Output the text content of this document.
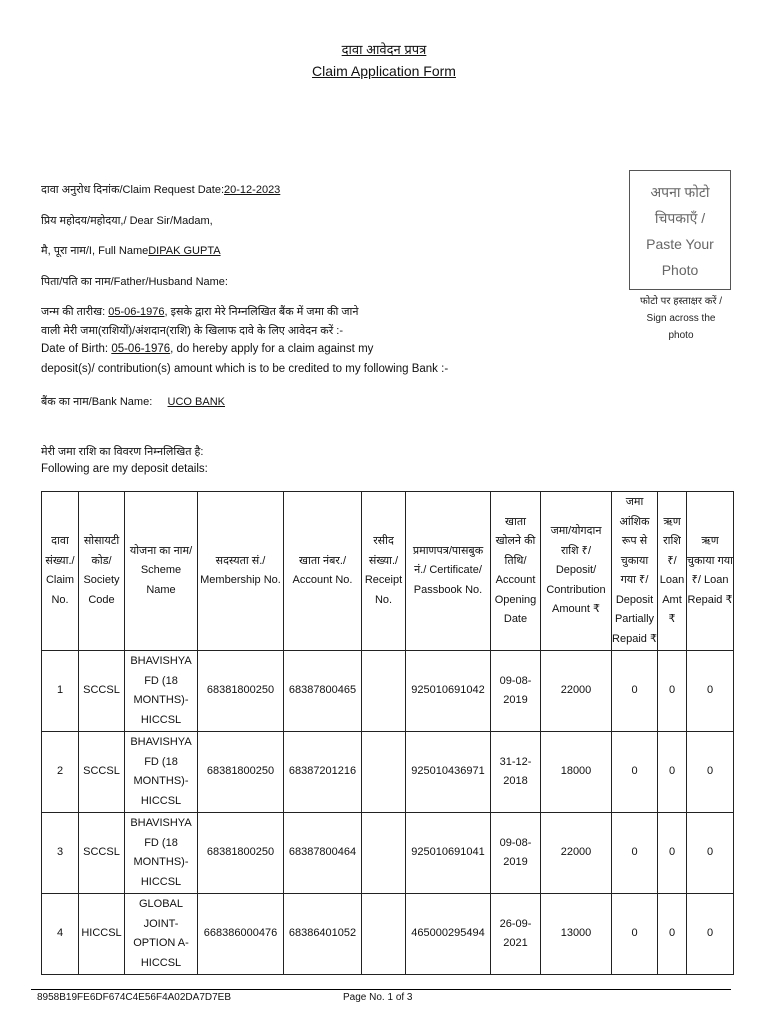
दावा आवेदन प्रपत्र
Claim Application Form
अपना फोटो
चिपकाएँ /
Paste Your
Photo
फोटो पर हस्ताक्षर करें /
Sign across the
photo
दावा अनुरोध दिनांक/Claim Request Date:20-12-2023
प्रिय महोदय/महोदया,/ Dear Sir/Madam,
मै, पूरा नाम/I, Full NameDIPAK GUPTA
पिता/पति का नाम/Father/Husband Name:
जन्म की तारीख: 05-06-1976, इसके द्वारा मेरे निम्नलिखित बैंक में जमा की जाने
वाली मेरी जमा(राशियों)/अंशदान(राशि) के खिलाफ दावे के लिए आवेदन करें :-
Date of Birth: 05-06-1976, do hereby apply for a claim against my
deposit(s)/ contribution(s) amount which is to be credited to my following Bank :-
बैंक का नाम/Bank Name: UCO BANK
मेरी जमा राशि का विवरण निम्नलिखित है:
Following are my deposit details:
दावा संख्या./ Claim No.	सोसायटी कोड/ Society Code	योजना का नाम/ Scheme Name	सदस्यता सं./ Membership No.	खाता नंबर./ Account No.	रसीद संख्या./ Receipt No.	प्रमाणपत्र/पासबुक नं./ Certificate/ Passbook No.	खाता खोलने की तिथि/ Account Opening Date	जमा/योगदान राशि ₹/ Deposit/ Contribution Amount ₹	जमा आंशिक रूप से चुकाया गया ₹/ Deposit Partially Repaid ₹	ऋण राशि ₹/ Loan Amt ₹	ऋण चुकाया गया ₹/ Loan Repaid ₹
1	SCCSL	BHAVISHYA FD (18 MONTHS)-HICCSL	68381800250	68387800465		925010691042	09-08-2019	22000	0	0	0
2	SCCSL	BHAVISHYA FD (18 MONTHS)-HICCSL	68381800250	68387201216		925010436971	31-12-2018	18000	0	0	0
3	SCCSL	BHAVISHYA FD (18 MONTHS)-HICCSL	68381800250	68387800464		925010691041	09-08-2019	22000	0	0	0
4	HICCSL	GLOBAL JOINT-OPTION A-HICCSL	668386000476	68386401052		465000295494	26-09-2021	13000	0	0	0
8958B19FE6DF674C4E56F4A02DA7D7EB	Page No. 1 of 3
